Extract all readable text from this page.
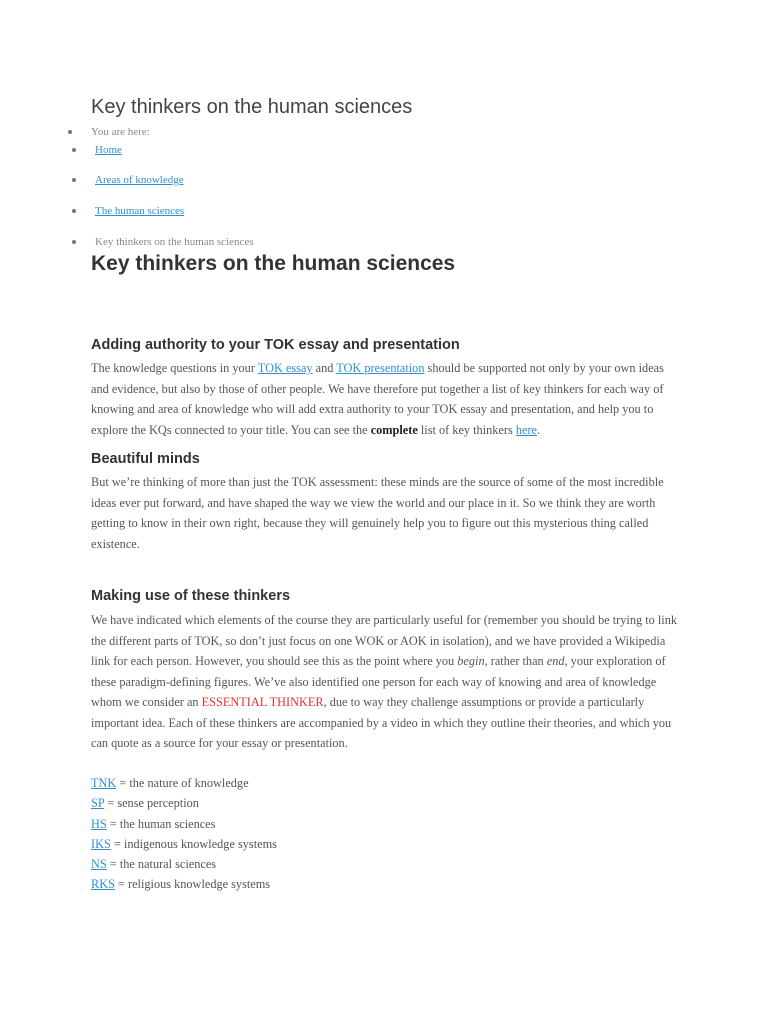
Key thinkers on the human sciences
You are here:
Home
Areas of knowledge
The human sciences
Key thinkers on the human sciences
Key thinkers on the human sciences
Adding authority to your TOK essay and presentation

The knowledge questions in your TOK essay and TOK presentation should be supported not only by your own ideas and evidence, but also by those of other people. We have therefore put together a list of key thinkers for each way of knowing and area of knowledge who will add extra authority to your TOK essay and presentation, and help you to explore the KQs connected to your title. You can see the complete list of key thinkers here.

Beautiful minds

But we’re thinking of more than just the TOK assessment: these minds are the source of some of the most incredible ideas ever put forward, and have shaped the way we view the world and our place in it. So we think they are worth getting to know in their own right, because they will genuinely help you to figure out this mysterious thing called existence.

Making use of these thinkers

We have indicated which elements of the course they are particularly useful for (remember you should be trying to link the different parts of TOK, so don’t just focus on one WOK or AOK in isolation), and we have provided a Wikipedia link for each person. However, you should see this as the point where you begin, rather than end, your exploration of these paradigm-defining figures. We’ve also identified one person for each way of knowing and area of knowledge whom we consider an ESSENTIAL THINKER, due to way they challenge assumptions or provide a particularly important idea. Each of these thinkers are accompanied by a video in which they outline their theories, and which you can quote as a source for your essay or presentation.

TNK = the nature of knowledge
SP = sense perception
HS = the human sciences
IKS = indigenous knowledge systems
NS = the natural sciences
RKS = religious knowledge systems
